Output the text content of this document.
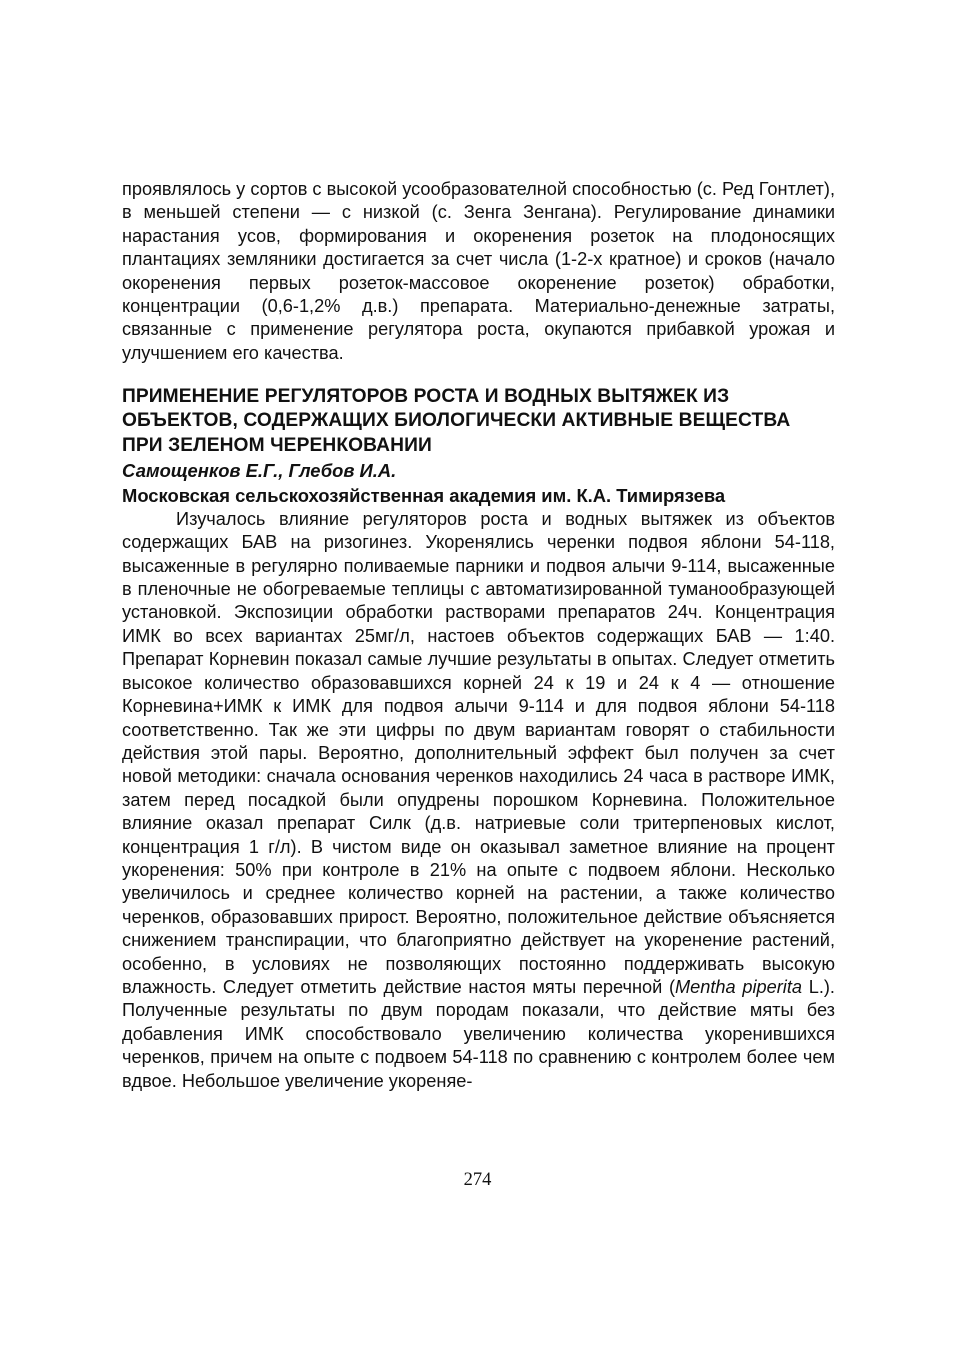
проявлялось у сортов с высокой усообразователной способностью (с. Ред Гонтлет), в меньшей степени — с низкой (с. Зенга Зенгана). Регулирование динамики нарастания усов, формирования и окоренения розеток на плодоносящих плантациях земляники достигается за счет числа (1-2-х кратное) и сроков (начало окоренения первых розеток-массовое окоренение розеток) обработки, концентрации (0,6-1,2% д.в.) препарата. Материально-денежные затраты, связанные с применение регулятора роста, окупаются прибавкой урожая и улучшением его качества.

ПРИМЕНЕНИЕ РЕГУЛЯТОРОВ РОСТА И ВОДНЫХ ВЫТЯЖЕК ИЗ ОБЪЕКТОВ, СОДЕРЖАЩИХ БИОЛОГИЧЕСКИ АКТИВНЫЕ ВЕЩЕСТВА ПРИ ЗЕЛЕНОМ ЧЕРЕНКОВАНИИ

Самощенков Е.Г., Глебов И.А.

Московская сельскохозяйственная академия им. К.А. Тимирязева

Изучалось влияние регуляторов роста и водных вытяжек из объектов содержащих БАВ на ризогинез. Укоренялись черенки подвоя яблони 54-118, высаженные в регулярно поливаемые парники и подвоя алычи 9-114, высаженные в пленочные не обогреваемые теплицы с автоматизированной туманообразующей установкой. Экспозиции обработки растворами препаратов 24ч. Концентрация ИМК во всех вариантах 25мг/л, настоев объектов содержащих БАВ — 1:40. Препарат Корневин показал самые лучшие результаты в опытах. Следует отметить высокое количество образовавшихся корней 24 к 19 и 24 к 4 — отношение Корневина+ИМК к ИМК для подвоя алычи 9-114 и для подвоя яблони 54-118 соответственно. Так же эти цифры по двум вариантам говорят о стабильности действия этой пары. Вероятно, дополнительный эффект был получен за счет новой методики: сначала основания черенков находились 24 часа в растворе ИМК, затем перед посадкой были опудрены порошком Корневина. Положительное влияние оказал препарат Силк (д.в. натриевые соли тритерпеновых кислот, концентрация 1 г/л). В чистом виде он оказывал заметное влияние на процент укоренения: 50% при контроле в 21% на опыте с подвоем яблони. Несколько увеличилось и среднее количество корней на растении, а также количество черенков, образовавших прирост. Вероятно, положительное действие объясняется снижением транспирации, что благоприятно действует на укоренение растений, особенно, в условиях не позволяющих постоянно поддерживать высокую влажность. Следует отметить действие настоя мяты перечной (Mentha piperita L.). Полученные результаты по двум породам показали, что действие мяты без добавления ИМК способствовало увеличению количества укоренившихся черенков, причем на опыте с подвоем 54-118 по сравнению с контролем более чем вдвое. Небольшое увеличение укореняе-

274
